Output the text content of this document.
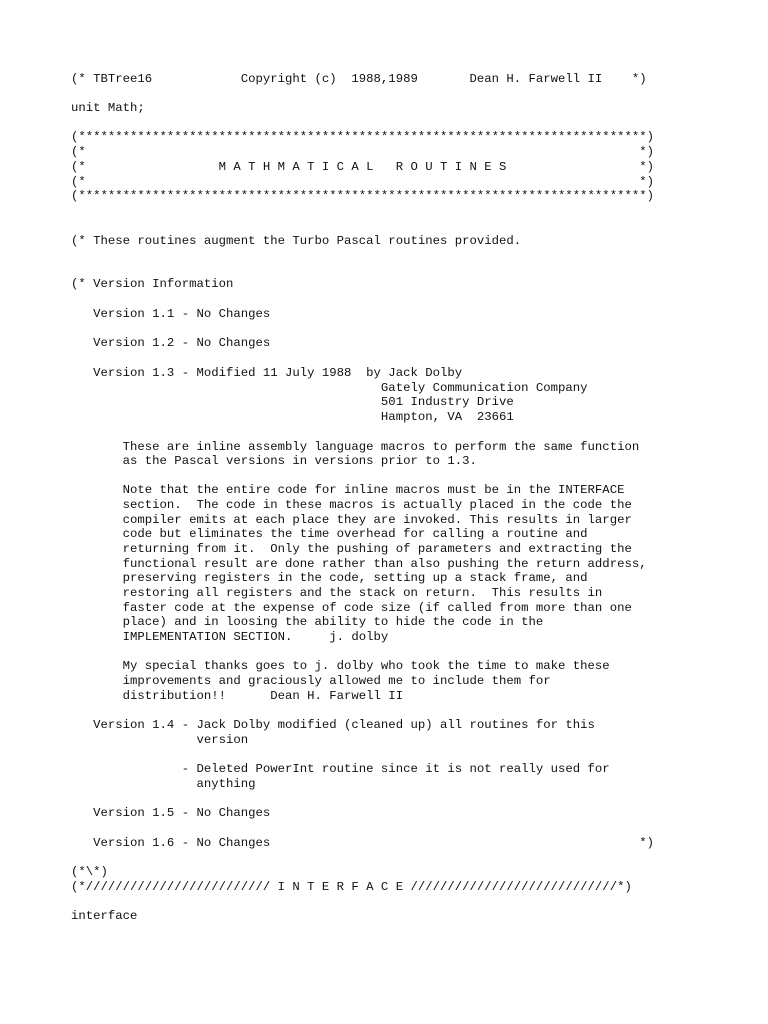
(* TBTree16            Copyright (c)  1988,1989       Dean H. Farwell II    *)
unit Math;
(*****************************************************************************)
(*                                                                           *)
(*                  M A T H M A T I C A L   R O U T I N E S                  *)
(*                                                                           *)
(*****************************************************************************)
(* These routines augment the Turbo Pascal routines provided.
(* Version Information
Version 1.1 - No Changes
Version 1.2 - No Changes
Version 1.3 - Modified 11 July 1988  by Jack Dolby
Gately Communication Company
501 Industry Drive
Hampton, VA  23661
These are inline assembly language macros to perform the same function
as the Pascal versions in versions prior to 1.3.
Note that the entire code for inline macros must be in the INTERFACE
section.  The code in these macros is actually placed in the code the
compiler emits at each place they are invoked. This results in larger
code but eliminates the time overhead for calling a routine and
returning from it.  Only the pushing of parameters and extracting the
functional result are done rather than also pushing the return address,
preserving registers in the code, setting up a stack frame, and
restoring all registers and the stack on return.  This results in
faster code at the expense of code size (if called from more than one
place) and in loosing the ability to hide the code in the
IMPLEMENTATION SECTION.     j. dolby
My special thanks goes to j. dolby who took the time to make these
improvements and graciously allowed me to include them for
distribution!!      Dean H. Farwell II
Version 1.4 - Jack Dolby modified (cleaned up) all routines for this
version
- Deleted PowerInt routine since it is not really used for
anything
Version 1.5 - No Changes
Version 1.6 - No Changes                                                  *)
(*\*)
(*///////////////////////// I N T E R F A C E ////////////////////////////*)
interface
